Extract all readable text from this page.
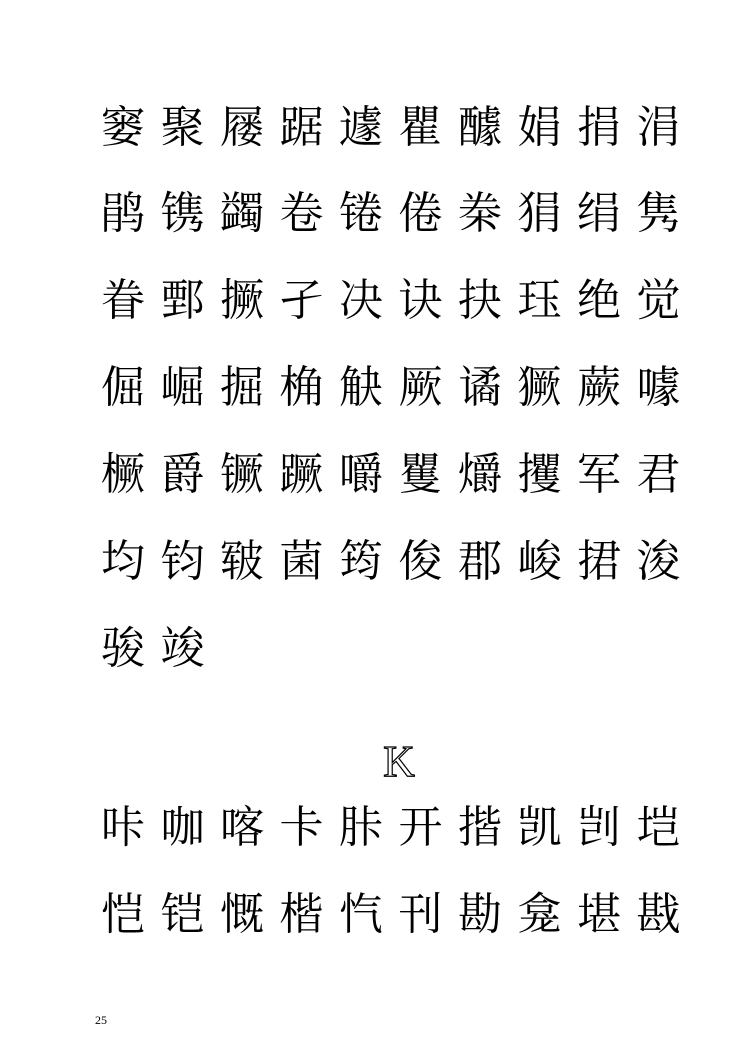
窭 聚 屦 踞 遽 瞿 醵 娟 捐 涓
鹃 镌 蠲 卷 锩 倦 桊 狷 绢 隽
眷 鄄 撅 孑 决 诀 抉 珏 绝 觉
倔 崛 掘 桷 觖 厥 谲 獗 蕨 噱
橛 爵 镢 蹶 嚼 矍 爝 攫 军 君
均 钧 皲 菌 筠 俊 郡 峻 捃 浚
骏 竣
咔 咖 喀 卡 胩 开 揩 凯 剀 垲
恺 铠 慨 楷 忾 刊 勘 龛 堪 戡
K
25
